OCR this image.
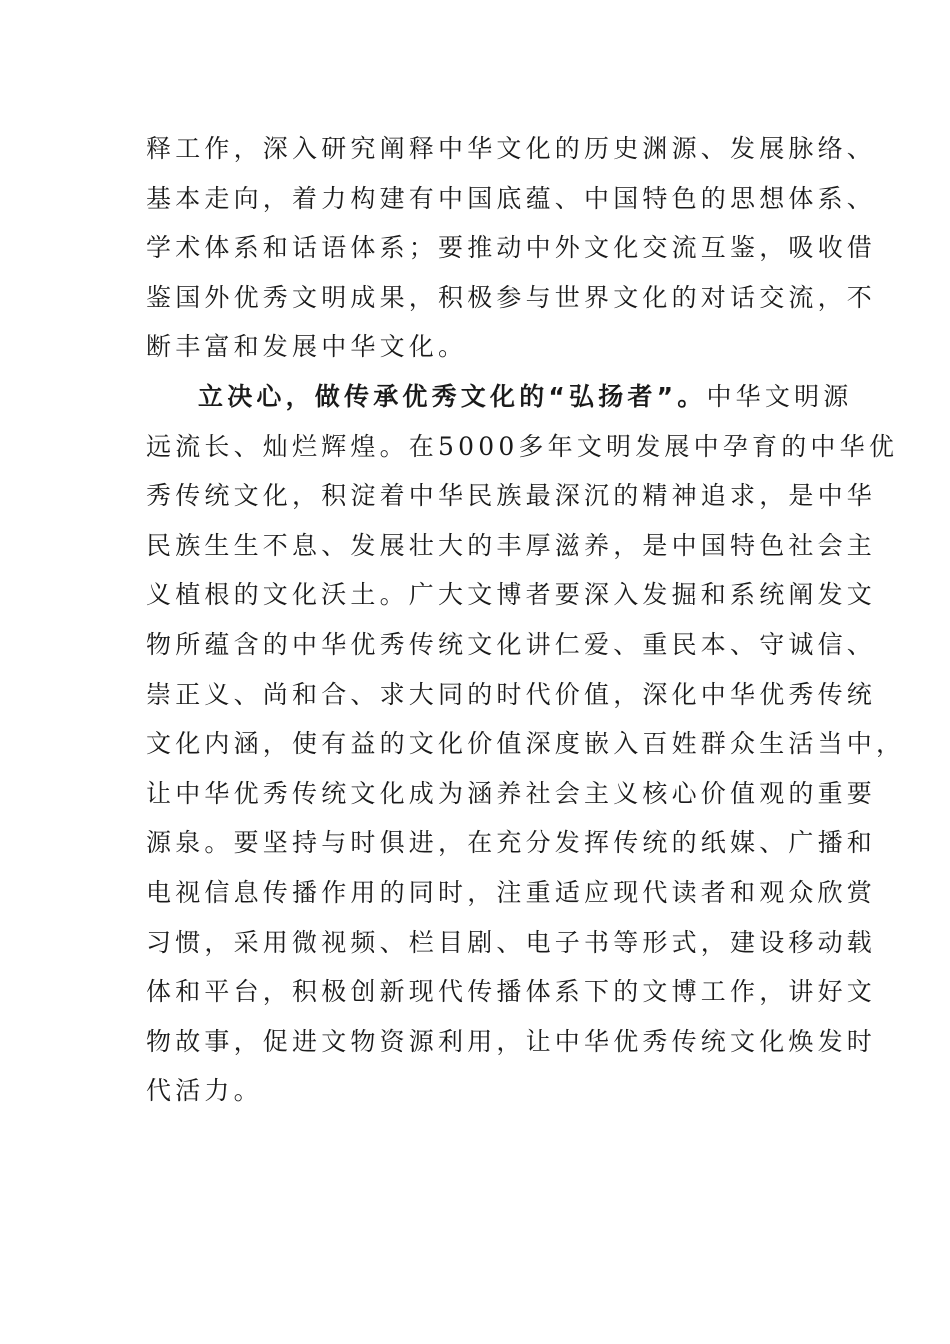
释工作，深入研究阐释中华文化的历史渊源、发展脉络、
基本走向，着力构建有中国底蕴、中国特色的思想体系、
学术体系和话语体系；要推动中外文化交流互鉴，吸收借
鉴国外优秀文明成果，积极参与世界文化的对话交流，不
断丰富和发展中华文化。
立决心，做传承优秀文化的“弘扬者”。中华文明源
远流长、灿烂辉煌。在5000多年文明发展中孕育的中华优
秀传统文化，积淀着中华民族最深沉的精神追求，是中华
民族生生不息、发展壮大的丰厚滋养，是中国特色社会主
义植根的文化沃土。广大文博者要深入发掘和系统阐发文
物所蕴含的中华优秀传统文化讲仁爱、重民本、守诚信、
崇正义、尚和合、求大同的时代价值，深化中华优秀传统
文化内涵，使有益的文化价值深度嵌入百姓群众生活当中，
让中华优秀传统文化成为涵养社会主义核心价值观的重要
源泉。要坚持与时俱进，在充分发挥传统的纸媒、广播和
电视信息传播作用的同时，注重适应现代读者和观众欣赏
习惯，采用微视频、栏目剧、电子书等形式，建设移动载
体和平台，积极创新现代传播体系下的文博工作，讲好文
物故事，促进文物资源利用，让中华优秀传统文化焕发时
代活力。
